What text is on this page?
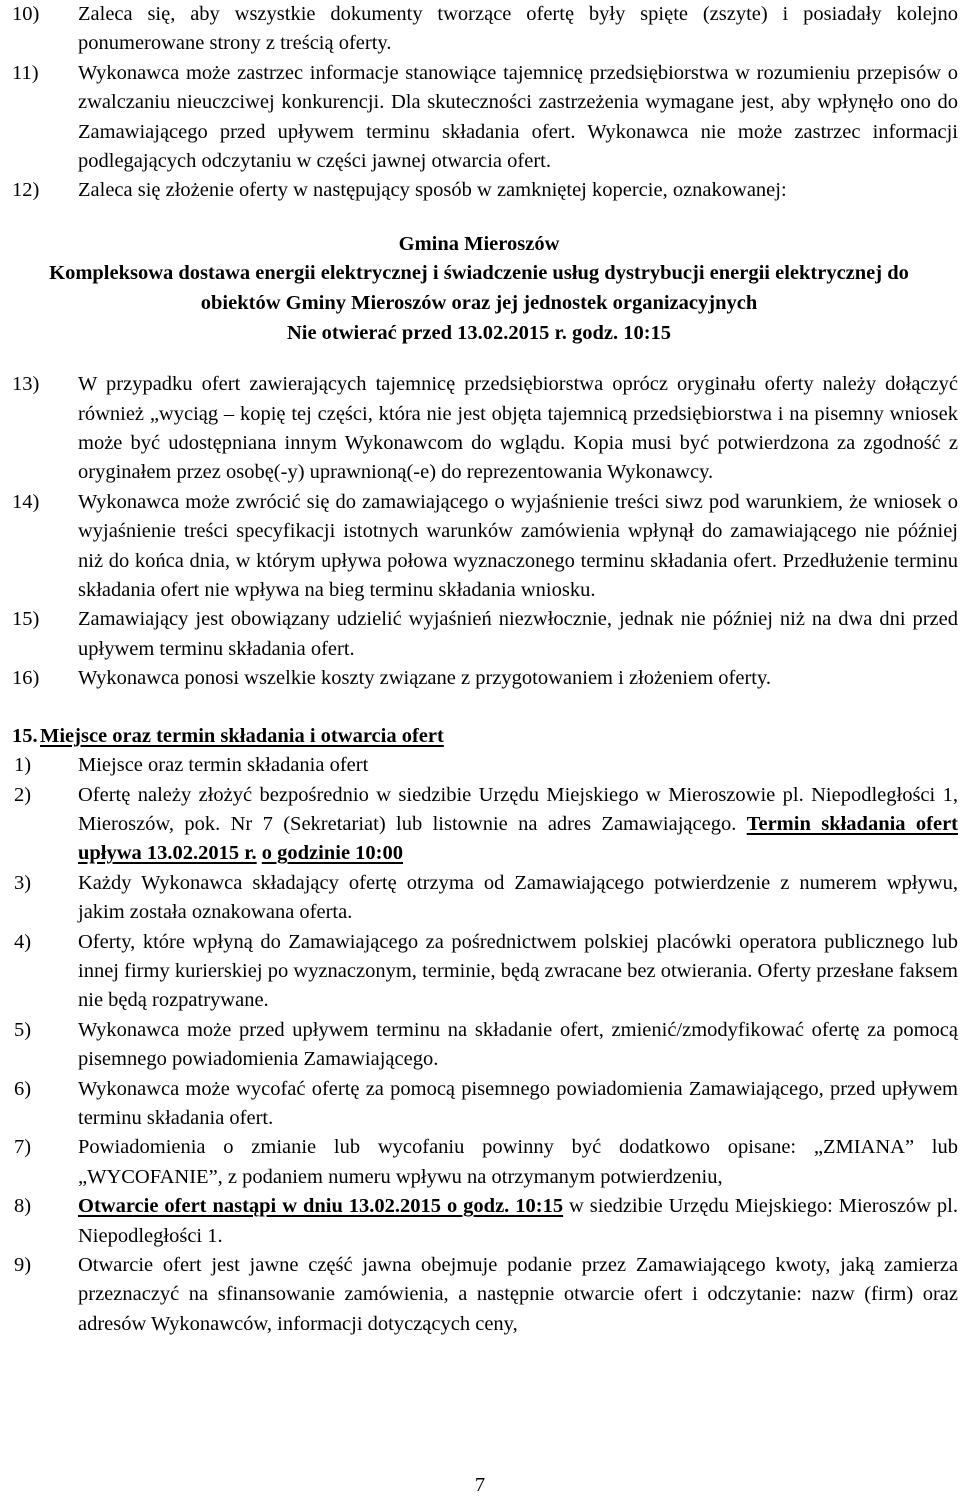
10)	Zaleca się, aby wszystkie dokumenty tworzące ofertę były spięte (zszyte) i posiadały kolejno ponumerowane strony z treścią oferty.
11)	Wykonawca może zastrzec informacje stanowiące tajemnicę przedsiębiorstwa w rozumieniu przepisów o zwalczaniu nieuczciwej konkurencji. Dla skuteczności zastrzeżenia wymagane jest, aby wpłynęło ono do Zamawiającego przed upływem terminu składania ofert. Wykonawca nie może zastrzec informacji podlegających odczytaniu w części jawnej otwarcia ofert.
12)	Zaleca się złożenie oferty w następujący sposób w zamkniętej kopercie, oznakowanej:
Gmina Mieroszów
Kompleksowa dostawa energii elektrycznej i świadczenie usług dystrybucji energii elektrycznej do obiektów Gminy Mieroszów oraz jej jednostek organizacyjnych
Nie otwierać przed 13.02.2015 r. godz. 10:15
13)	W przypadku ofert zawierających tajemnicę przedsiębiorstwa oprócz oryginału oferty należy dołączyć również „wyciąg – kopię tej części, która nie jest objęta tajemnicą przedsiębiorstwa i na pisemny wniosek może być udostępniana innym Wykonawcom do wglądu. Kopia musi być potwierdzona za zgodność z oryginałem przez osobę(-y) uprawnioną(-e) do reprezentowania Wykonawcy.
14)	Wykonawca może zwrócić się do zamawiającego o wyjaśnienie treści siwz pod warunkiem, że wniosek o wyjaśnienie treści specyfikacji istotnych warunków zamówienia wpłynął do zamawiającego nie później niż do końca dnia, w którym upływa połowa wyznaczonego terminu składania ofert. Przedłużenie terminu składania ofert nie wpływa na bieg terminu składania wniosku.
15)	Zamawiający jest obowiązany udzielić wyjaśnień niezwłocznie, jednak nie później niż na dwa dni przed upływem terminu składania ofert.
16)	Wykonawca ponosi wszelkie koszty związane z przygotowaniem i złożeniem oferty.
15. Miejsce oraz termin składania i otwarcia ofert
1)	Miejsce oraz termin składania ofert
2)	Ofertę należy złożyć bezpośrednio w siedzibie Urzędu Miejskiego w Mieroszowie pl. Niepodległości 1, Mieroszów, pok. Nr 7 (Sekretariat) lub listownie na adres Zamawiającego. Termin składania ofert upływa 13.02.2015 r. o godzinie 10:00
3)	Każdy Wykonawca składający ofertę otrzyma od Zamawiającego potwierdzenie z numerem wpływu, jakim została oznakowana oferta.
4)	Oferty, które wpłyną do Zamawiającego za pośrednictwem polskiej placówki operatora publicznego lub innej firmy kurierskiej po wyznaczonym, terminie, będą zwracane bez otwierania. Oferty przesłane faksem nie będą rozpatrywane.
5)	Wykonawca może przed upływem terminu na składanie ofert, zmienić/zmodyfikować ofertę za pomocą pisemnego powiadomienia Zamawiającego.
6)	Wykonawca może wycofać ofertę za pomocą pisemnego powiadomienia Zamawiającego, przed upływem terminu składania ofert.
7)	Powiadomienia o zmianie lub wycofaniu powinny być dodatkowo opisane: „ZMIANA” lub „WYCOFANIE”, z podaniem numeru wpływu na otrzymanym potwierdzeniu,
8)	Otwarcie ofert nastąpi w dniu 13.02.2015 o godz. 10:15 w siedzibie Urzędu Miejskiego: Mieroszów pl. Niepodległości 1.
9)	Otwarcie ofert jest jawne część jawna obejmuje podanie przez Zamawiającego kwoty, jaką zamierza przeznaczyć na sfinansowanie zamówienia, a następnie otwarcie ofert i odczytanie: nazw (firm) oraz adresów Wykonawców, informacji dotyczących ceny,
7
